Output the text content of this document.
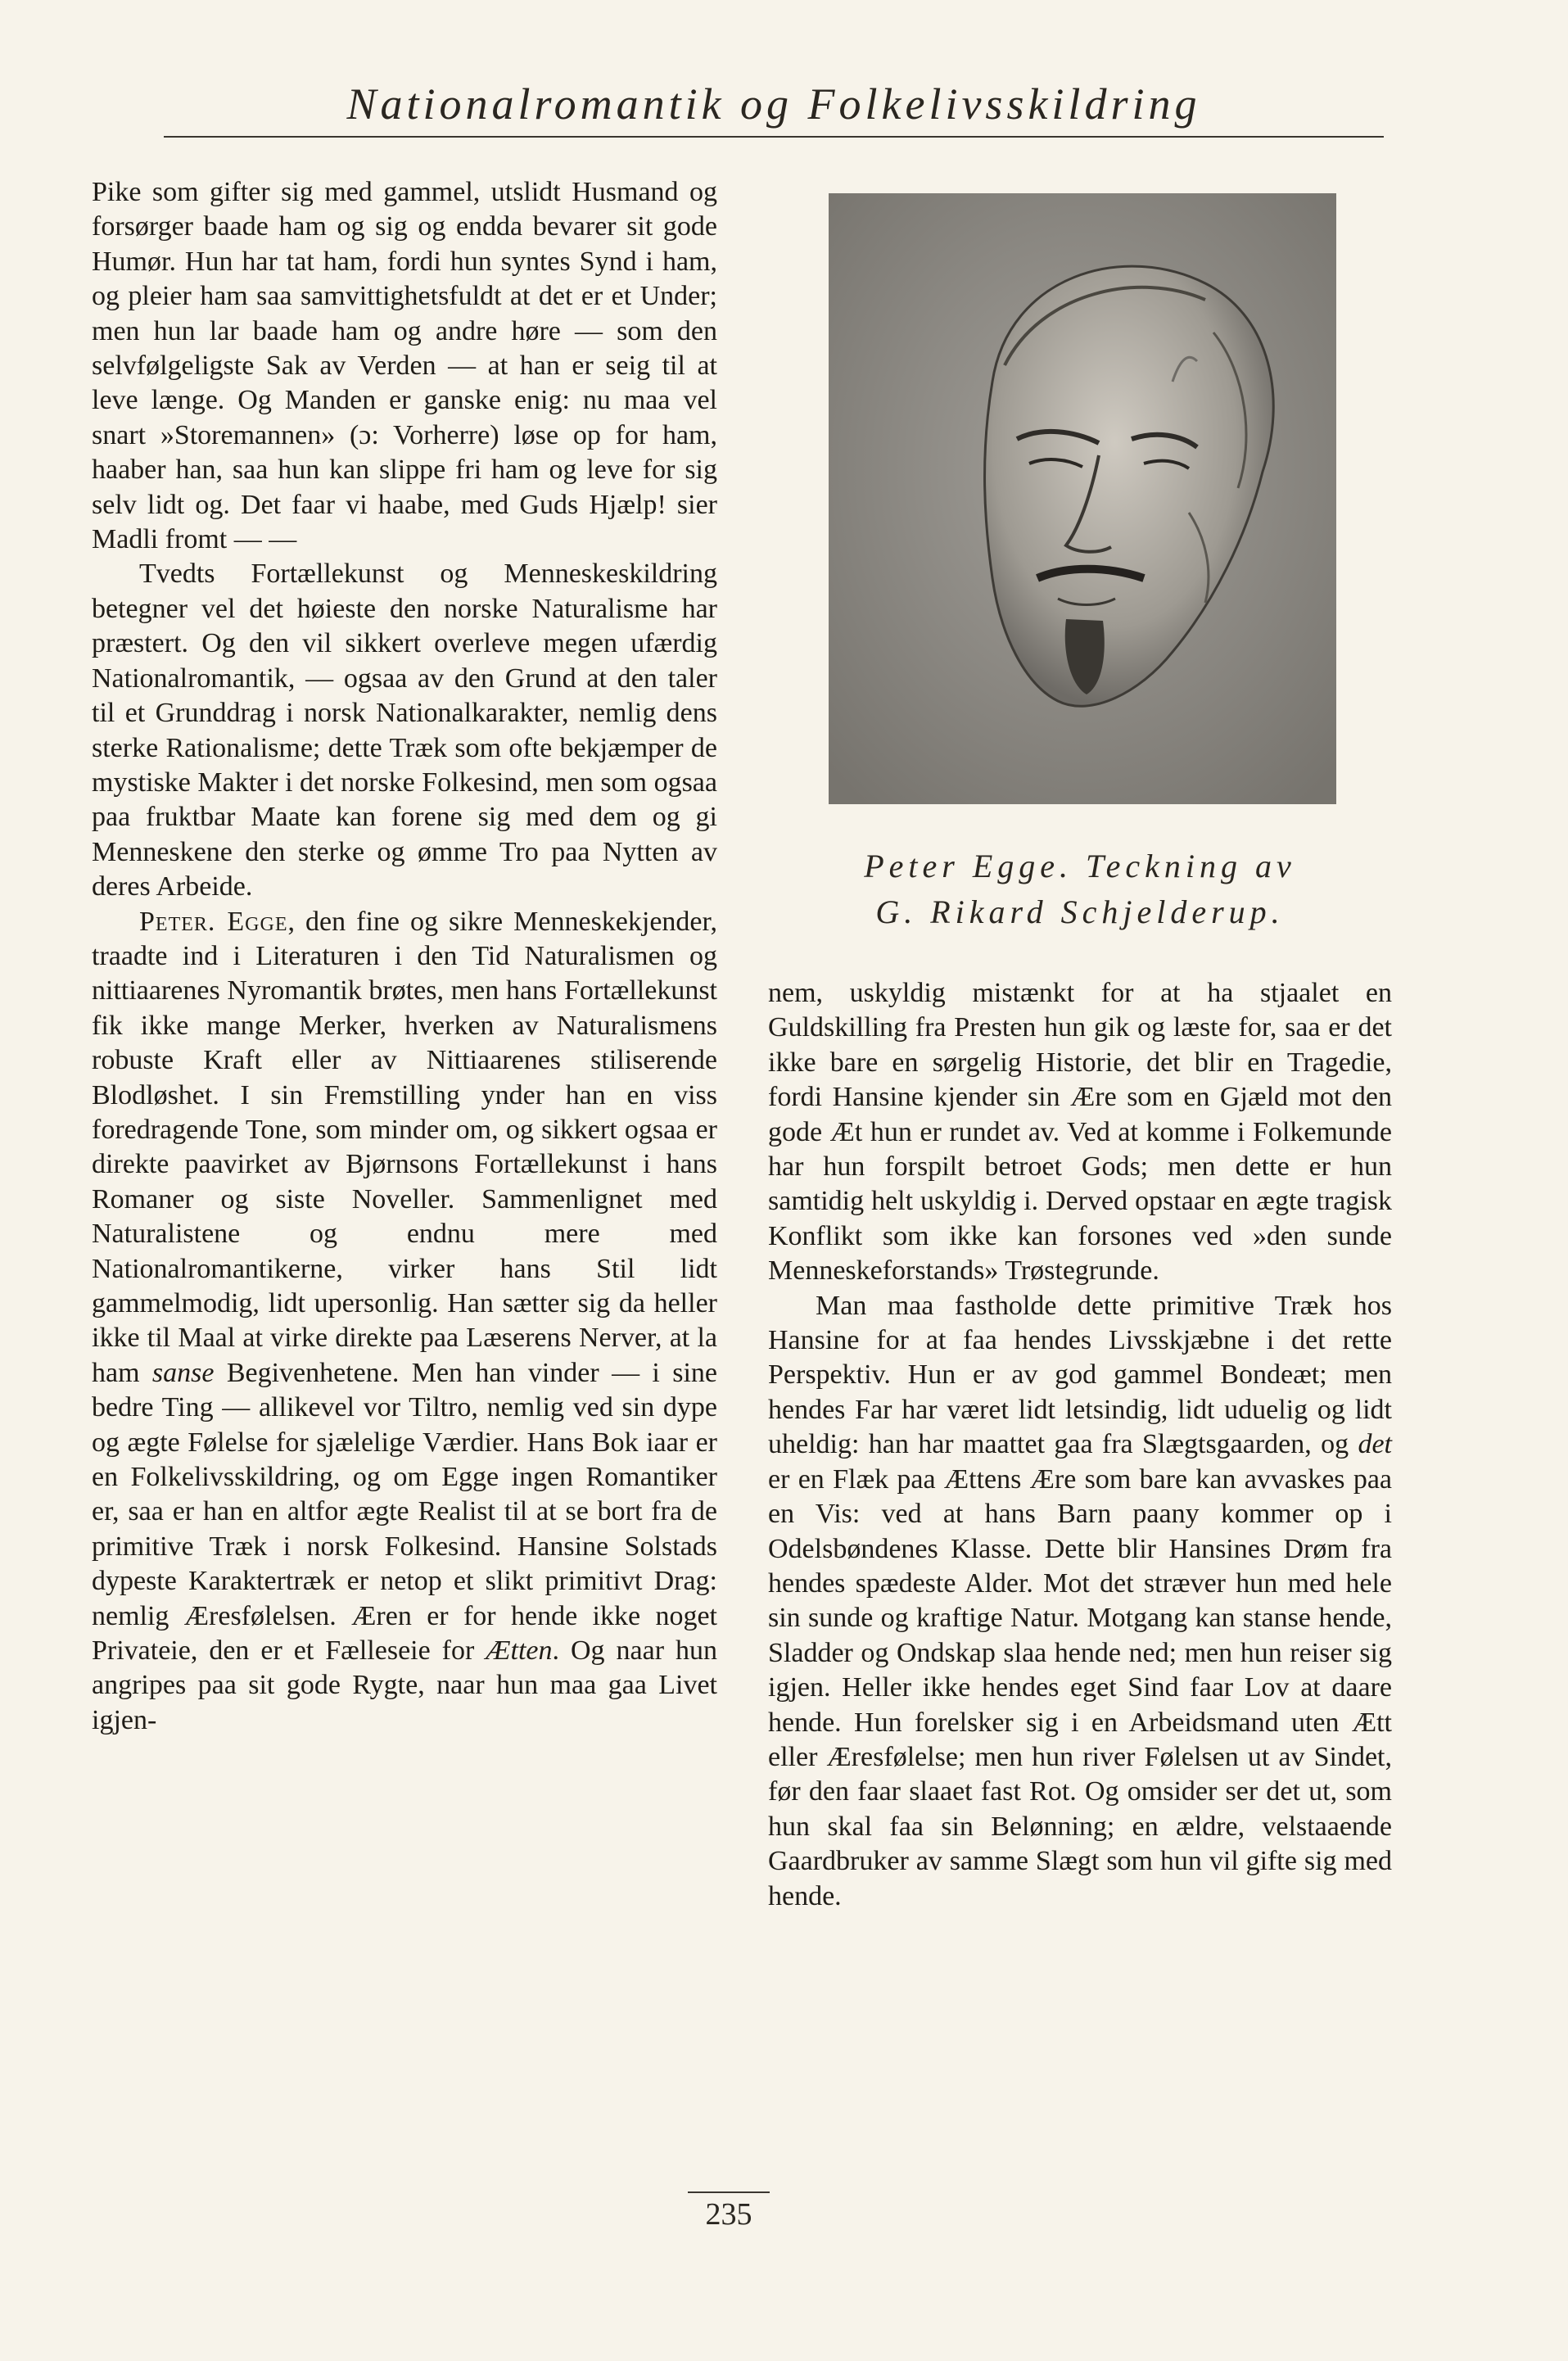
Nationalromantik og Folkelivsskildring

Pike som gifter sig med gammel, utslidt Husmand og forsørger baade ham og sig og endda bevarer sit gode Humør. Hun har tat ham, fordi hun syntes Synd i ham, og pleier ham saa samvittighetsfuldt at det er et Under; men hun lar baade ham og andre høre — som den selvfølgeligste Sak av Verden — at han er seig til at leve længe. Og Manden er ganske enig: nu maa vel snart »Storemannen» (ɔ: Vorherre) løse op for ham, haaber han, saa hun kan slippe fri ham og leve for sig selv lidt og. Det faar vi haabe, med Guds Hjælp! sier Madli fromt — —

Tvedts Fortællekunst og Menneskeskildring betegner vel det høieste den norske Naturalisme har præstert. Og den vil sikkert overleve megen ufærdig Nationalromantik, — ogsaa av den Grund at den taler til et Grunddrag i norsk Nationalkarakter, nemlig dens sterke Rationalisme; dette Træk som ofte bekjæmper de mystiske Makter i det norske Folkesind, men som ogsaa paa fruktbar Maate kan forene sig med dem og gi Menneskene den sterke og ømme Tro paa Nytten av deres Arbeide.

Peter. Egge, den fine og sikre Menneskekjender, traadte ind i Literaturen i den Tid Naturalismen og nittiaarenes Nyromantik brøtes, men hans Fortællekunst fik ikke mange Merker, hverken av Naturalismens robuste Kraft eller av Nittiaarenes stiliserende Blodløshet. I sin Fremstilling ynder han en viss foredragende Tone, som minder om, og sikkert ogsaa er direkte paavirket av Bjørnsons Fortællekunst i hans Romaner og siste Noveller. Sammenlignet med Naturalistene og endnu mere med Nationalromantikerne, virker hans Stil lidt gammelmodig, lidt upersonlig. Han sætter sig da heller ikke til Maal at virke direkte paa Læserens Nerver, at la ham sanse Begivenhetene. Men han vinder — i sine bedre Ting — allikevel vor Tiltro, nemlig ved sin dype og ægte Følelse for sjælelige Værdier. Hans Bok iaar er en Folkelivsskildring, og om Egge ingen Romantiker er, saa er han en altfor ægte Realist til at se bort fra de primitive Træk i norsk Folkesind. Hansine Solstads dypeste Karaktertræk er netop et slikt primitivt Drag: nemlig Æresfølelsen. Æren er for hende ikke noget Privateie, den er et Fælleseie for Ætten. Og naar hun angripes paa sit gode Rygte, naar hun maa gaa Livet igjen-

Peter Egge. Teckning av
G. Rikard Schjelderup.

nem, uskyldig mistænkt for at ha stjaalet en Guldskilling fra Presten hun gik og læste for, saa er det ikke bare en sørgelig Historie, det blir en Tragedie, fordi Hansine kjender sin Ære som en Gjæld mot den gode Æt hun er rundet av. Ved at komme i Folkemunde har hun forspilt betroet Gods; men dette er hun samtidig helt uskyldig i. Derved opstaar en ægte tragisk Konflikt som ikke kan forsones ved »den sunde Menneskeforstands» Trøstegrunde.

Man maa fastholde dette primitive Træk hos Hansine for at faa hendes Livsskjæbne i det rette Perspektiv. Hun er av god gammel Bondeæt; men hendes Far har været lidt letsindig, lidt uduelig og lidt uheldig: han har maattet gaa fra Slægtsgaarden, og det er en Flæk paa Ættens Ære som bare kan avvaskes paa en Vis: ved at hans Barn paany kommer op i Odelsbøndenes Klasse. Dette blir Hansines Drøm fra hendes spædeste Alder. Mot det stræver hun med hele sin sunde og kraftige Natur. Motgang kan stanse hende, Sladder og Ondskap slaa hende ned; men hun reiser sig igjen. Heller ikke hendes eget Sind faar Lov at daare hende. Hun forelsker sig i en Arbeidsmand uten Ætt eller Æresfølelse; men hun river Følelsen ut av Sindet, før den faar slaaet fast Rot. Og omsider ser det ut, som hun skal faa sin Belønning; en ældre, velstaaende Gaardbruker av samme Slægt som hun vil gifte sig med hende.

235
